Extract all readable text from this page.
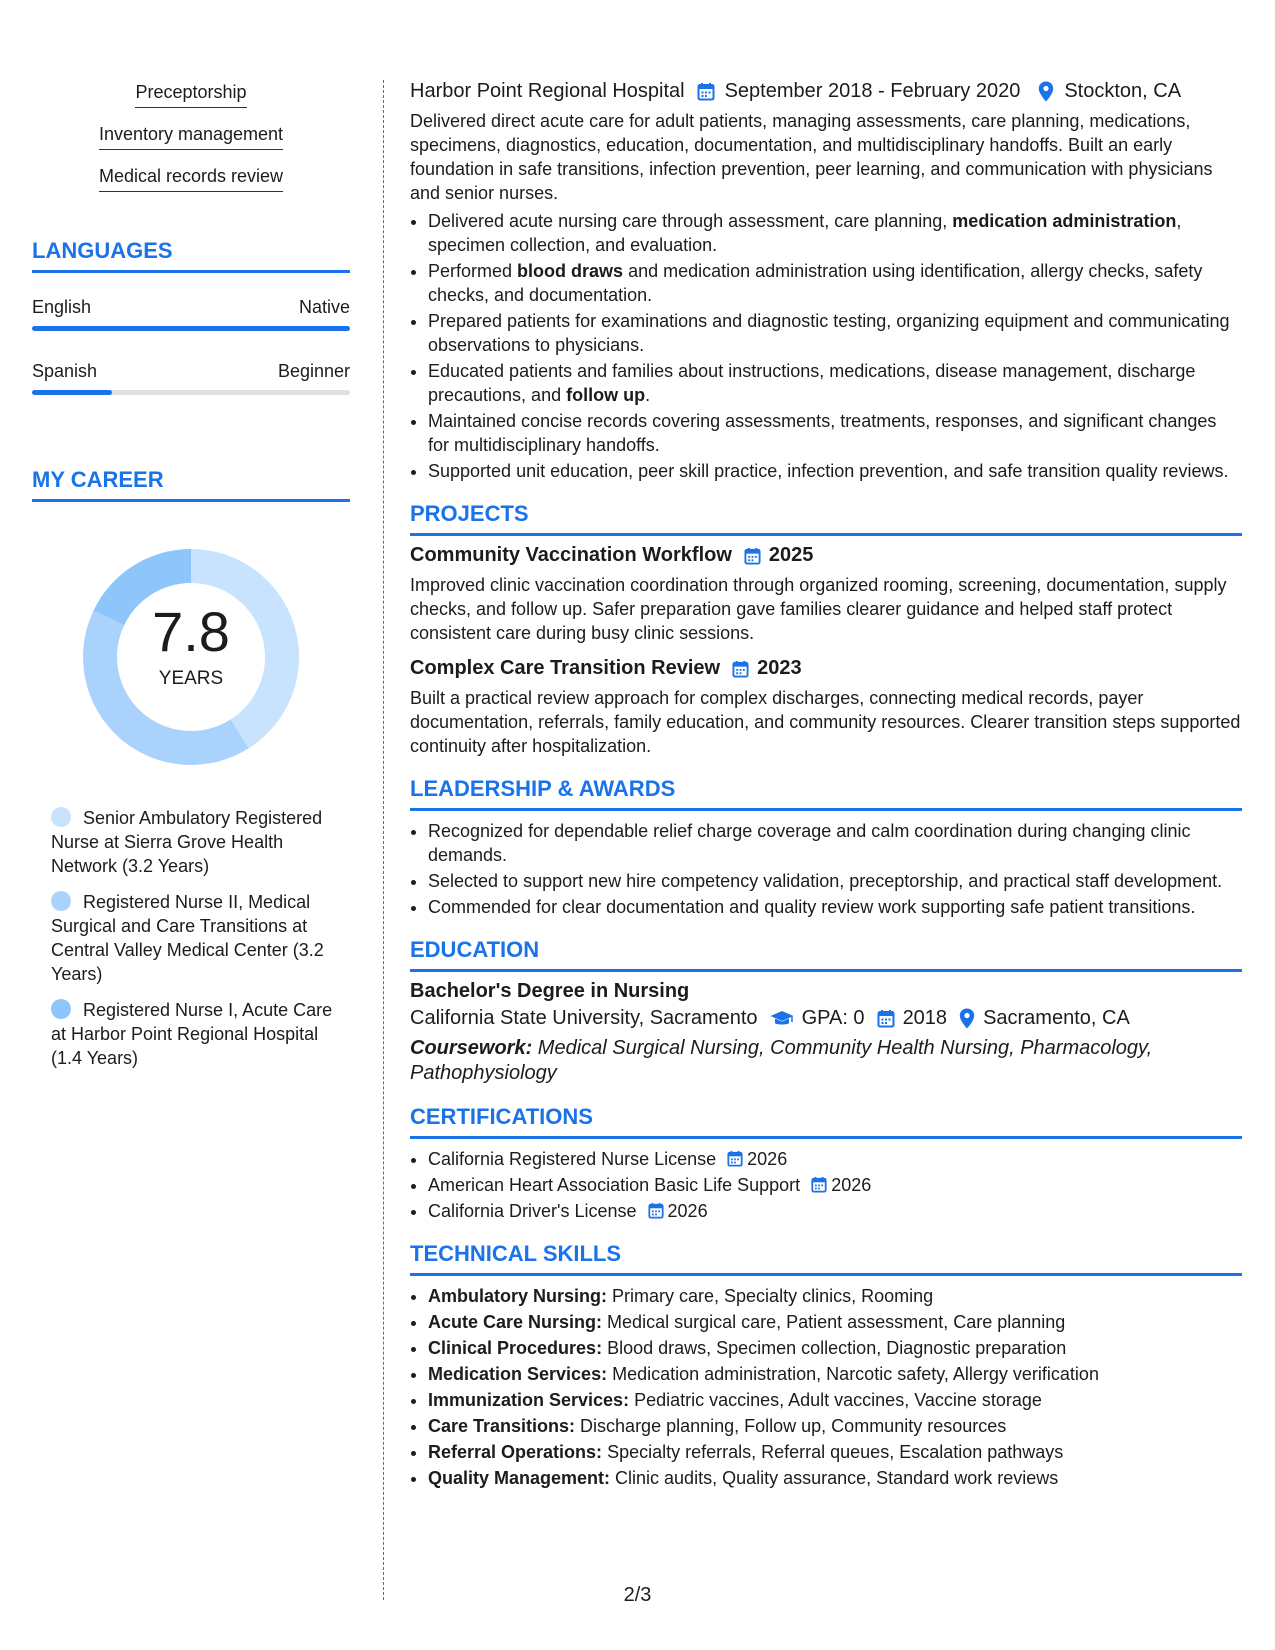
Preceptorship
Inventory management
Medical records review
LANGUAGES
English	Native
Spanish	Beginner
MY CAREER
7.8
YEARS
Senior Ambulatory Registered Nurse at Sierra Grove Health Network (3.2 Years)
Registered Nurse II, Medical Surgical and Care Transitions at Central Valley Medical Center (3.2 Years)
Registered Nurse I, Acute Care at Harbor Point Regional Hospital (1.4 Years)
Harbor Point Regional Hospital September 2018 - February 2020 Stockton, CA

Delivered direct acute care for adult patients, managing assessments, care planning, medications, specimens, diagnostics, education, documentation, and multidisciplinary handoffs. Built an early foundation in safe transitions, infection prevention, peer learning, and communication with physicians and senior nurses.

• Delivered acute nursing care through assessment, care planning, medication administration, specimen collection, and evaluation.
• Performed blood draws and medication administration using identification, allergy checks, safety checks, and documentation.
• Prepared patients for examinations and diagnostic testing, organizing equipment and communicating observations to physicians.
• Educated patients and families about instructions, medications, disease management, discharge precautions, and follow up.
• Maintained concise records covering assessments, treatments, responses, and significant changes for multidisciplinary handoffs.
• Supported unit education, peer skill practice, infection prevention, and safe transition quality reviews.
PROJECTS
Community Vaccination Workflow 2025

Improved clinic vaccination coordination through organized rooming, screening, documentation, supply checks, and follow up. Safer preparation gave families clearer guidance and helped staff protect consistent care during busy clinic sessions.

Complex Care Transition Review 2023

Built a practical review approach for complex discharges, connecting medical records, payer documentation, referrals, family education, and community resources. Clearer transition steps supported continuity after hospitalization.

LEADERSHIP & AWARDS
• Recognized for dependable relief charge coverage and calm coordination during changing clinic demands.
• Selected to support new hire competency validation, preceptorship, and practical staff development.
• Commended for clear documentation and quality review work supporting safe patient transitions.
EDUCATION
Bachelor's Degree in Nursing
California State University, Sacramento GPA: 0 2018 Sacramento, CA
Coursework: Medical Surgical Nursing, Community Health Nursing, Pharmacology, Pathophysiology
CERTIFICATIONS
• California Registered Nurse License 2026
• American Heart Association Basic Life Support 2026
• California Driver's License 2026
TECHNICAL SKILLS
• Ambulatory Nursing: Primary care, Specialty clinics, Rooming
• Acute Care Nursing: Medical surgical care, Patient assessment, Care planning
• Clinical Procedures: Blood draws, Specimen collection, Diagnostic preparation
• Medication Services: Medication administration, Narcotic safety, Allergy verification
• Immunization Services: Pediatric vaccines, Adult vaccines, Vaccine storage
• Care Transitions: Discharge planning, Follow up, Community resources
• Referral Operations: Specialty referrals, Referral queues, Escalation pathways
• Quality Management: Clinic audits, Quality assurance, Standard work reviews
2/3
